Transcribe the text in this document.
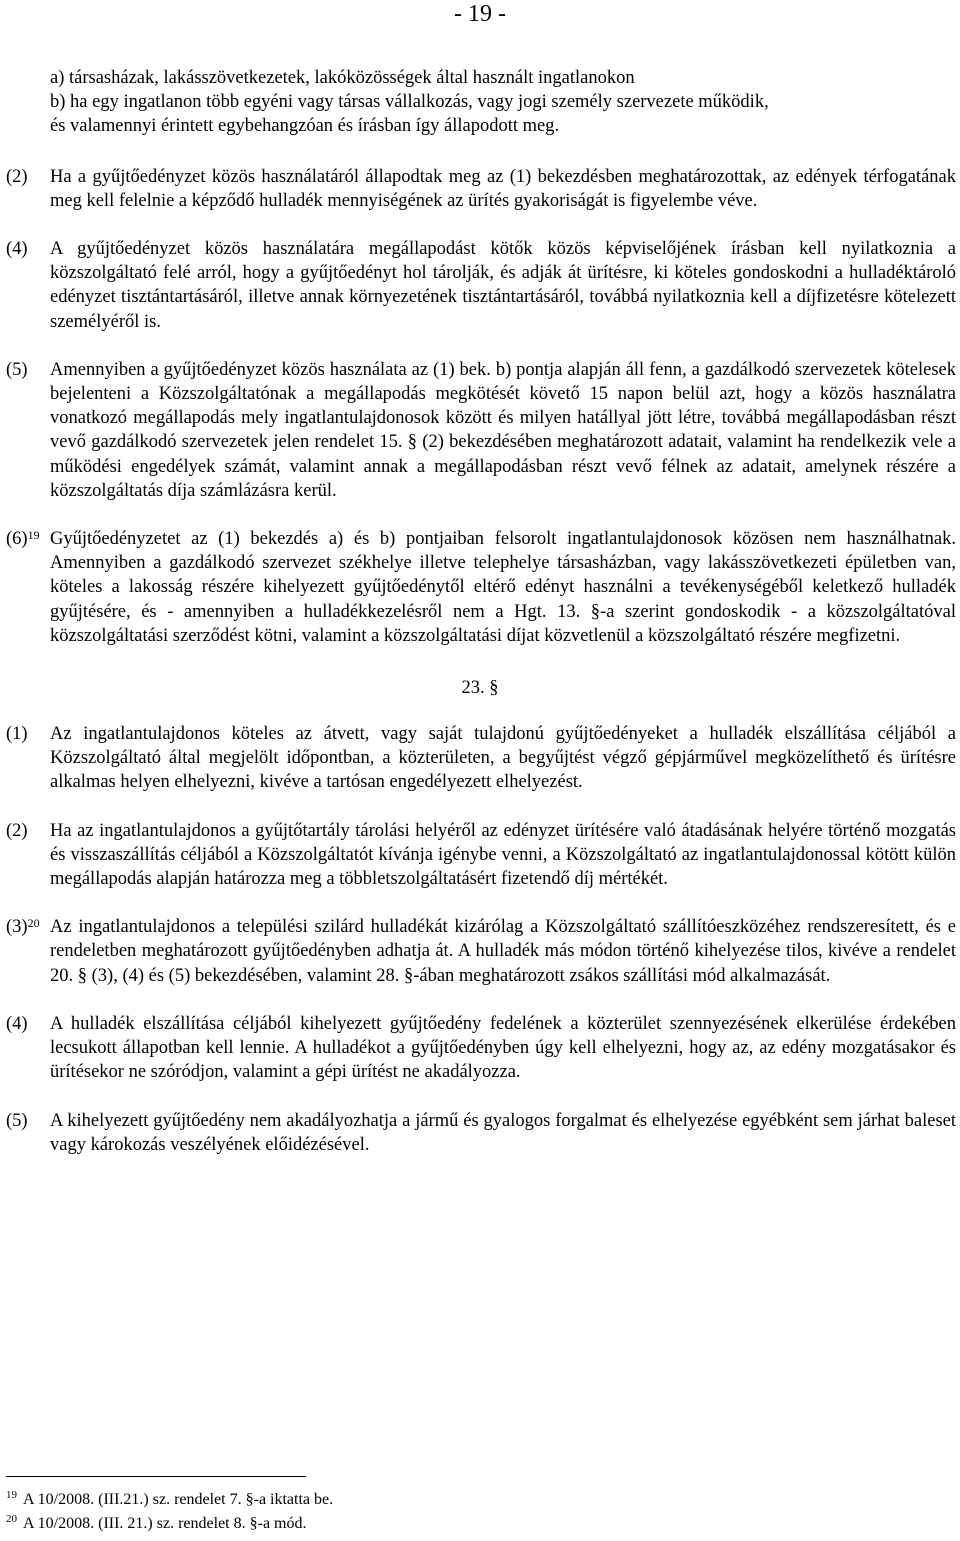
- 19 -

a) társasházak, lakásszövetkezetek, lakóközösségek által használt ingatlanokon

b) ha egy ingatlanon több egyéni vagy társas vállalkozás, vagy jogi személy szervezete működik,

és valamennyi érintett egybehangzóan és írásban így állapodott meg.

(2) Ha a gyűjtőedényzet közös használatáról állapodtak meg az (1) bekezdésben meghatározottak, az edények térfogatának meg kell felelnie a képződő hulladék mennyiségének az ürítés gyakoriságát is figyelembe véve.
(4) A gyűjtőedényzet közös használatára megállapodást kötők közös képviselőjének írásban kell nyilatkoznia a közszolgáltató felé arról, hogy a gyűjtőedényt hol tárolják, és adják át ürítésre, ki köteles gondoskodni a hulladéktároló edényzet tisztántartásáról, illetve annak környezetének tisztántartásáról, továbbá nyilatkoznia kell a díjfizetésre kötelezett személyéről is.
(5) Amennyiben a gyűjtőedényzet közös használata az (1) bek. b) pontja alapján áll fenn, a gazdálkodó szervezetek kötelesek bejelenteni a Közszolgáltatónak a megállapodás megkötését követő 15 napon belül azt, hogy a közös használatra vonatkozó megállapodás mely ingatlantulajdonosok között és milyen hatállyal jött létre, továbbá megállapodásban részt vevő gazdálkodó szervezetek jelen rendelet 15. § (2) bekezdésében meghatározott adatait, valamint ha rendelkezik vele a működési engedélyek számát, valamint annak a megállapodásban részt vevő félnek az adatait, amelynek részére a közszolgáltatás díja számlázásra kerül.
$(6)^{19}$ Gyűjtőedényzetet az (1) bekezdés a) és b) pontjaiban felsorolt ingatlantulajdonosok közösen nem használhatnak. Amennyiben a gazdálkodó szervezet székhelye illetve telephelye társasházban, vagy lakásszövetkezeti épületben van, köteles a lakosság részére kihelyezett gyűjtőedénytől eltérő edényt használni a tevékenységéből keletkező hulladék gyűjtésére, és - amennyiben a hulladékkezelésről nem a Hgt. 13. §-a szerint gondoskodik - a közszolgáltatóval közszolgáltatási szerződést kötni, valamint a közszolgáltatási díjat közvetlenül a közszolgáltató részére megfizetni.

23. §

(1) Az ingatlantulajdonos köteles az átvett, vagy saját tulajdonú gyűjtőedényeket a hulladék elszállítása céljából a Közszolgáltató által megjelölt időpontban, a közterületen, a begyűjtést végző gépjárművel megközelíthető és ürítésre alkalmas helyen elhelyezni, kivéve a tartósan engedélyezett elhelyezést.
(2) Ha az ingatlantulajdonos a gyűjtőtartály tárolási helyéről az edényzet ürítésére való átadásának helyére történő mozgatás és visszaszállítás céljából a Közszolgáltatót kívánja igénybe venni, a Közszolgáltató az ingatlantulajdonossal kötött külön megállapodás alapján határozza meg a többletszolgáltatásért fizetendő díj mértékét.
$(3)^{20}$ Az ingatlantulajdonos a települési szilárd hulladékát kizárólag a Közszolgáltató szállítóeszközéhez rendszeresített, és e rendeletben meghatározott gyűjtőedényben adhatja át. A hulladék más módon történő kihelyezése tilos, kivéve a rendelet 20. § (3), (4) és (5) bekezdésében, valamint 28. §-ában meghatározott zsákos szállítási mód alkalmazását.
(4) A hulladék elszállítása céljából kihelyezett gyűjtőedény fedelének a közterület szennyezésének elkerülése érdekében lecsukott állapotban kell lennie. A hulladékot a gyűjtőedényben úgy kell elhelyezni, hogy az, az edény mozgatásakor és ürítésekor ne szóródjon, valamint a gépi ürítést ne akadályozza.
(5) A kihelyezett gyűjtőedény nem akadályozhatja a jármű és gyalogos forgalmat és elhelyezése egyébként sem járhat baleset vagy károkozás veszélyének előidézésével.
$^{19}$ A 10/2008. (III.21.) sz. rendelet 7. §-a iktatta be.
$^{20}$ A 10/2008. (III. 21.) sz. rendelet 8. §-a mód.
